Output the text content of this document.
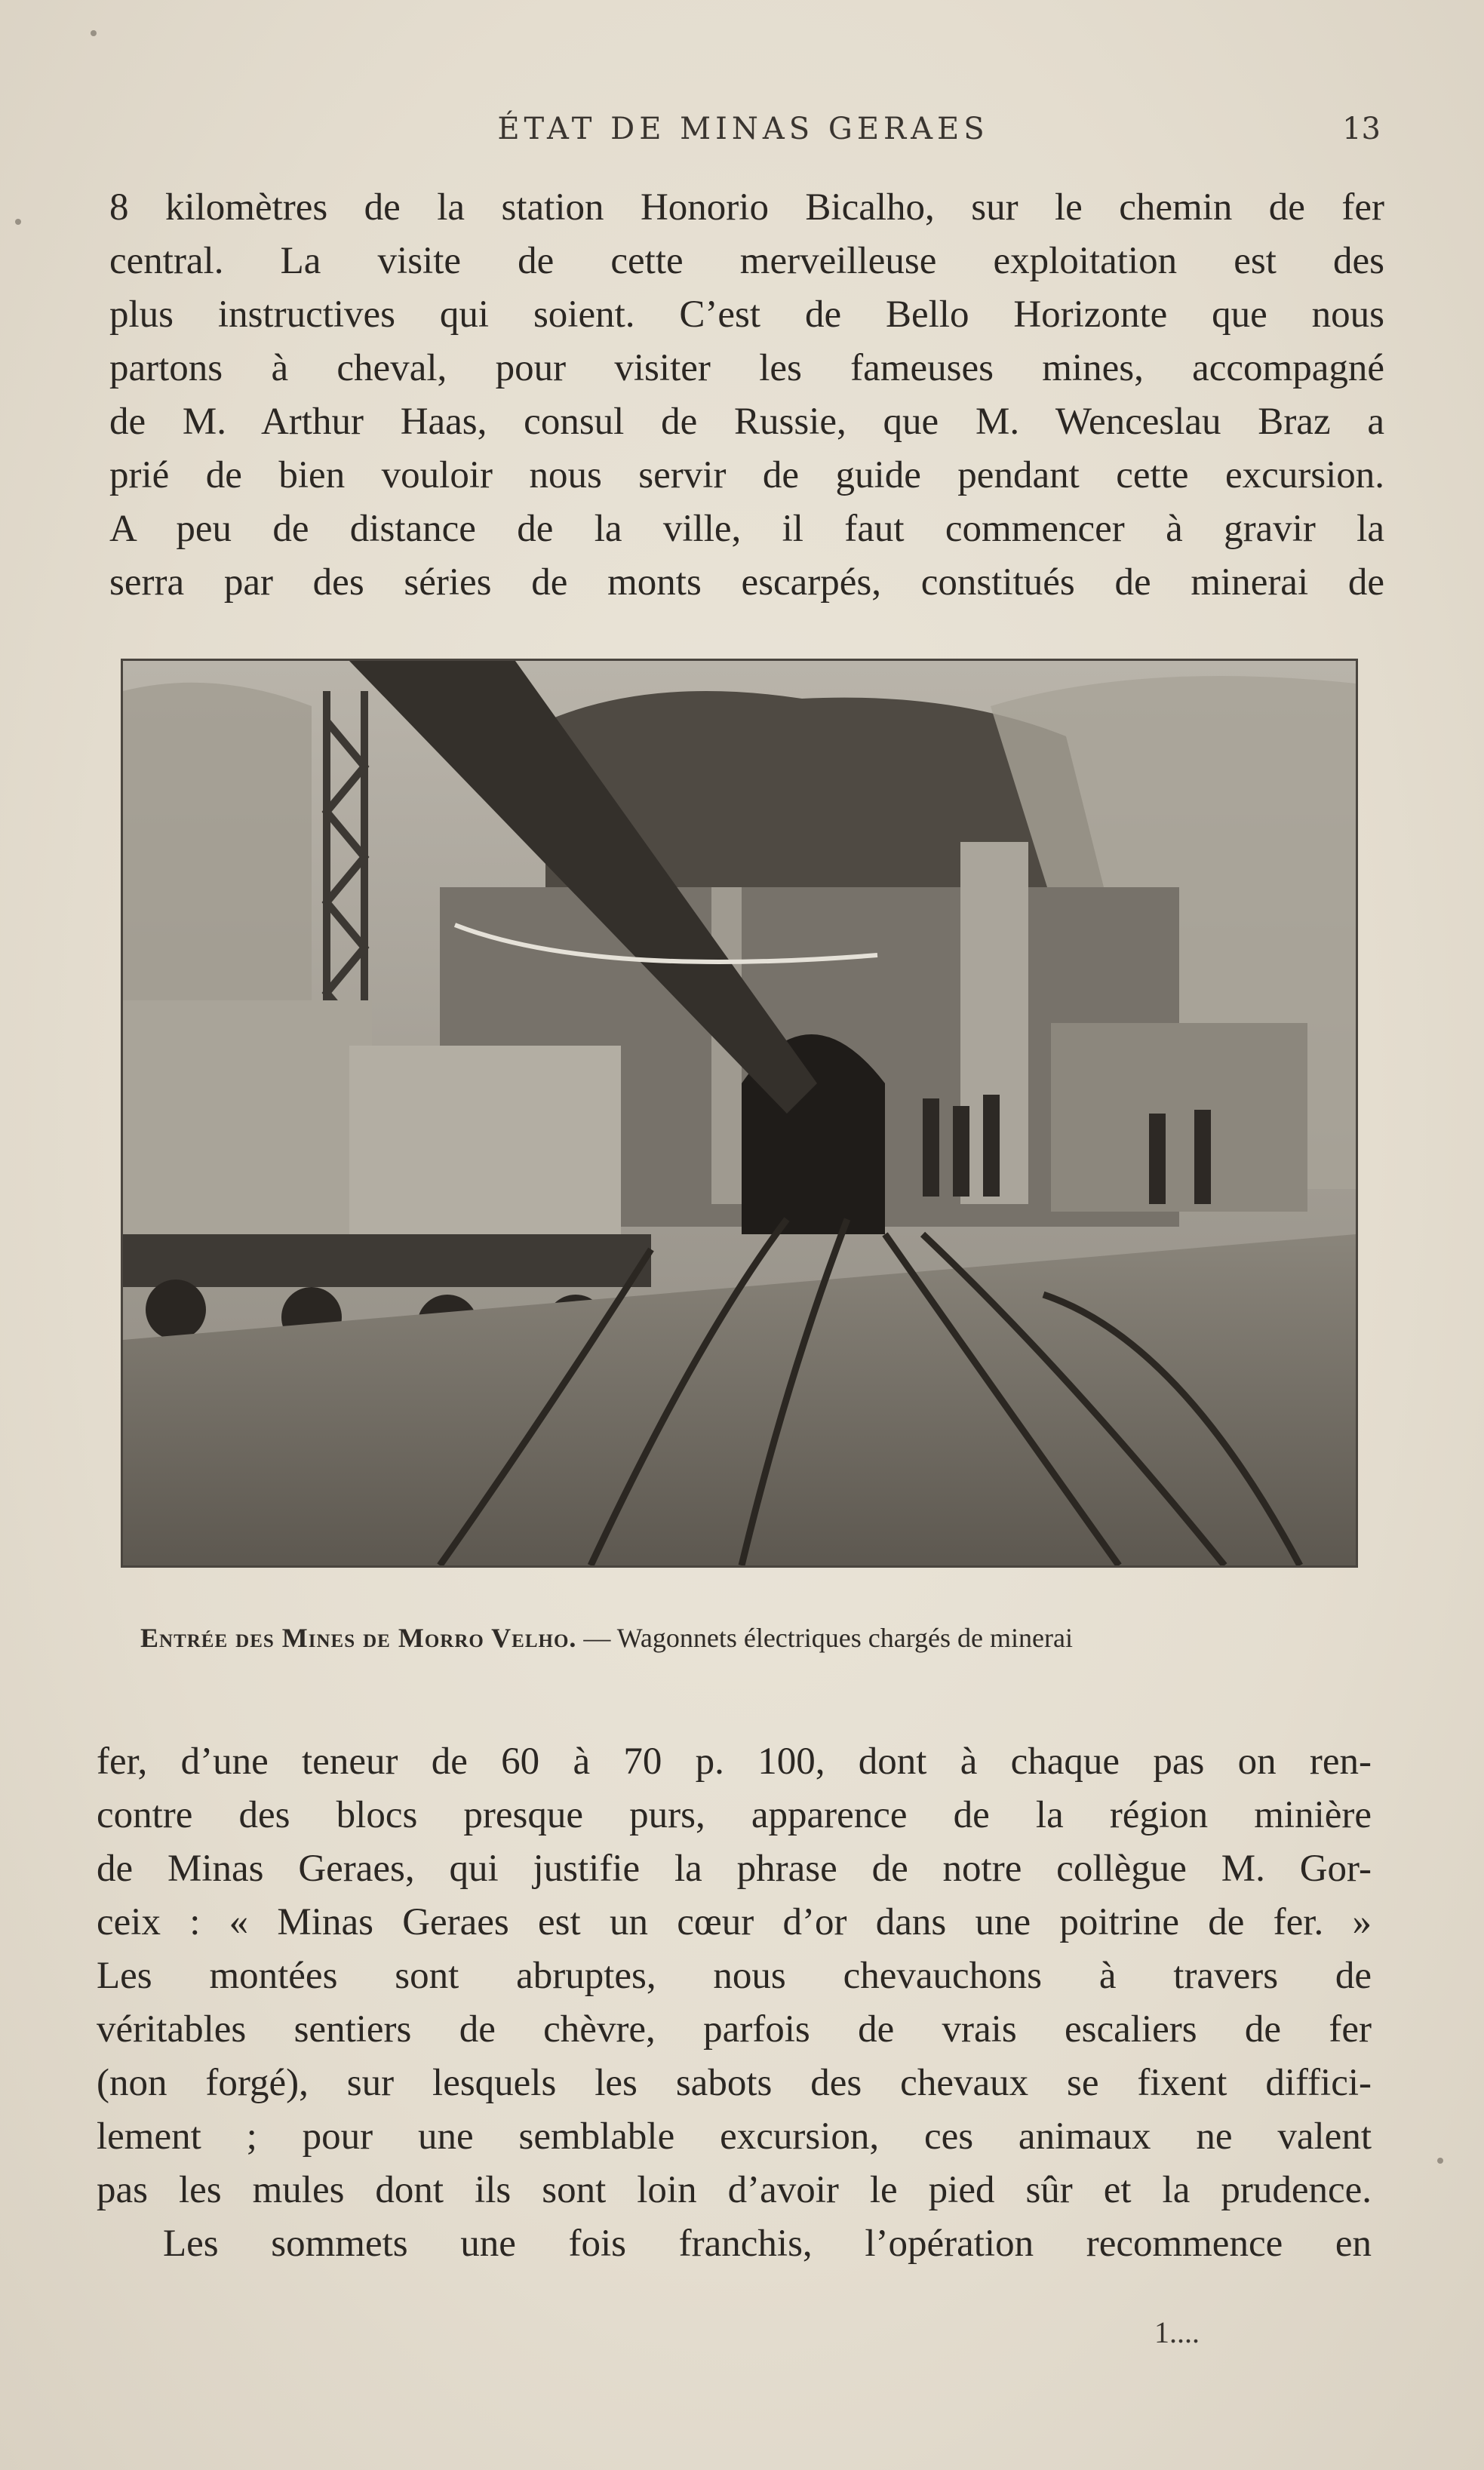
ÉTAT DE MINAS GERAES	13

8 kilomètres de la station Honorio Bicalho, sur le chemin de fer
central. La visite de cette merveilleuse exploitation est des
plus instructives qui soient. C’est de Bello Horizonte que nous
partons à cheval, pour visiter les fameuses mines, accompagné
de M. Arthur Haas, consul de Russie, que M. Wenceslau Braz a
prié de bien vouloir nous servir de guide pendant cette excursion.
A peu de distance de la ville, il faut commencer à gravir la
serra par des séries de monts escarpés, constitués de minerai de

Entrée des Mines de Morro Velho. — Wagonnets électriques chargés de minerai

fer, d’une teneur de 60 à 70 p. 100, dont à chaque pas on ren-
contre des blocs presque purs, apparence de la région minière
de Minas Geraes, qui justifie la phrase de notre collègue M. Gor-
ceix : « Minas Geraes est un cœur d’or dans une poitrine de fer. »
Les montées sont abruptes, nous chevauchons à travers de
véritables sentiers de chèvre, parfois de vrais escaliers de fer
(non forgé), sur lesquels les sabots des chevaux se fixent diffici-
lement ; pour une semblable excursion, ces animaux ne valent
pas les mules dont ils sont loin d’avoir le pied sûr et la prudence.
Les sommets une fois franchis, l’opération recommence en

1....
